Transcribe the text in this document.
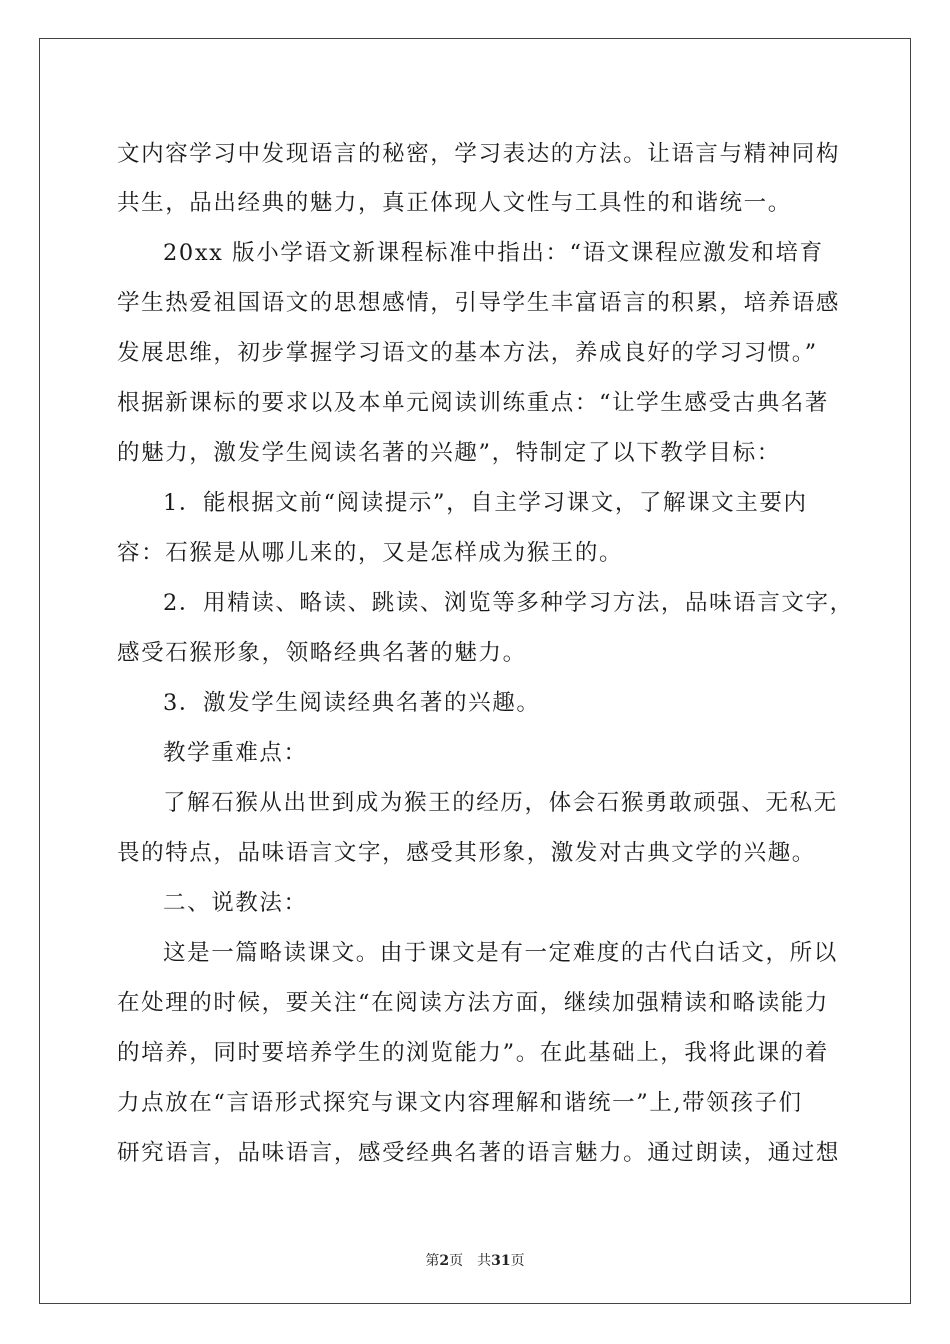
文内容学习中发现语言的秘密，学习表达的方法。让语言与精神同构
共生，品出经典的魅力，真正体现人文性与工具性的和谐统一。
20xx 版小学语文新课程标准中指出：“语文课程应激发和培育
学生热爱祖国语文的思想感情，引导学生丰富语言的积累，培养语感
发展思维，初步掌握学习语文的基本方法，养成良好的学习习惯。”
根据新课标的要求以及本单元阅读训练重点：“让学生感受古典名著
的魅力，激发学生阅读名著的兴趣”，特制定了以下教学目标：
1．能根据文前“阅读提示”，自主学习课文，了解课文主要内
容：石猴是从哪儿来的，又是怎样成为猴王的。
2．用精读、略读、跳读、浏览等多种学习方法，品味语言文字，
感受石猴形象，领略经典名著的魅力。
3．激发学生阅读经典名著的兴趣。
教学重难点：
了解石猴从出世到成为猴王的经历，体会石猴勇敢顽强、无私无
畏的特点，品味语言文字，感受其形象，激发对古典文学的兴趣。
二、说教法：
这是一篇略读课文。由于课文是有一定难度的古代白话文，所以
在处理的时候，要关注“在阅读方法方面，继续加强精读和略读能力
的培养，同时要培养学生的浏览能力”。在此基础上，我将此课的着
力点放在“言语形式探究与课文内容理解和谐统一”上,带领孩子们
研究语言，品味语言，感受经典名著的语言魅力。通过朗读，通过想
第2页　共31页
